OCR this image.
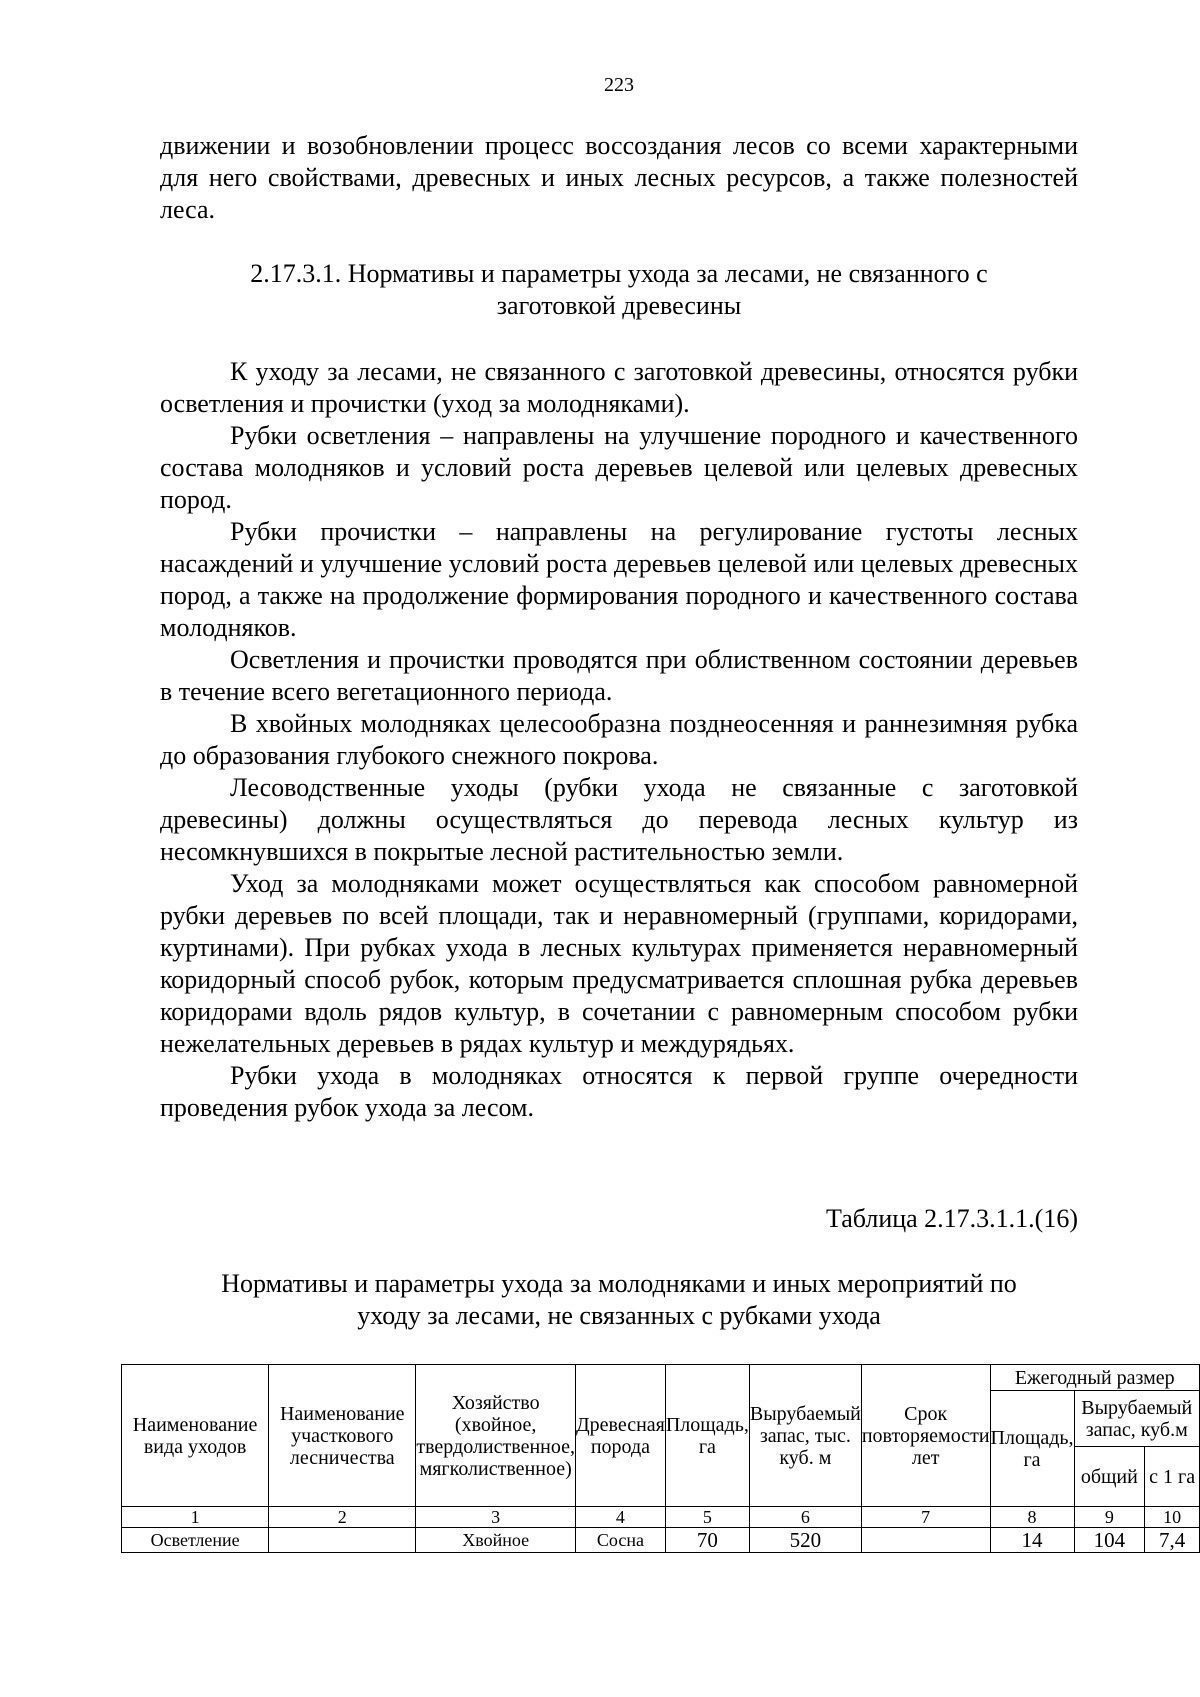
223

движении и возобновлении процесс воссоздания лесов со всеми характерными для него свойствами, древесных и иных лесных ресурсов, а также полезностей леса.

2.17.3.1. Нормативы и параметры ухода за лесами, не связанного с
заготовкой древесины

К уходу за лесами, не связанного с заготовкой древесины, относятся рубки осветления и прочистки (уход за молодняками).

Рубки осветления – направлены на улучшение породного и качественного состава молодняков и условий роста деревьев целевой или целевых древесных пород.

Рубки прочистки – направлены на регулирование густоты лесных насаждений и улучшение условий роста деревьев целевой или целевых древесных пород, а также на продолжение формирования породного и качественного состава молодняков.

Осветления и прочистки проводятся при облиственном состоянии деревьев в течение всего вегетационного периода.

В хвойных молодняках целесообразна позднеосенняя и раннезимняя рубка до образования глубокого снежного покрова.

Лесоводственные уходы (рубки ухода не связанные с заготовкой древесины) должны осуществляться до перевода лесных культур из несомкнувшихся в покрытые лесной растительностью земли.

Уход за молодняками может осуществляться как способом равномерной рубки деревьев по всей площади, так и неравномерный (группами, коридорами, куртинами). При рубках ухода в лесных культурах применяется неравномерный коридорный способ рубок, которым предусматривается сплошная рубка деревьев коридорами вдоль рядов культур, в сочетании с равномерным способом рубки нежелательных деревьев в рядах культур и междурядьях.

Рубки ухода в молодняках относятся к первой группе очередности проведения рубок ухода за лесом.

Таблица 2.17.3.1.1.(16)
Нормативы и параметры ухода за молодняками и иных мероприятий по
уходу за лесами, не связанных с рубками ухода
Наименование вида уходов	Наименование участкового лесничества	Хозяйство (хвойное, твердолиственное, мягколиственное)	Древесная порода	Площадь, га	Вырубаемый запас, тыс. куб. м	Срок повторяемости лет	Ежегодный размер		
							Площадь, га	Вырубаемый запас, куб.м	
								общий	с 1 га
1	2	3	4	5	6	7	8	9	10
Осветление		Хвойное	Сосна	70	520		14	104	7,4
